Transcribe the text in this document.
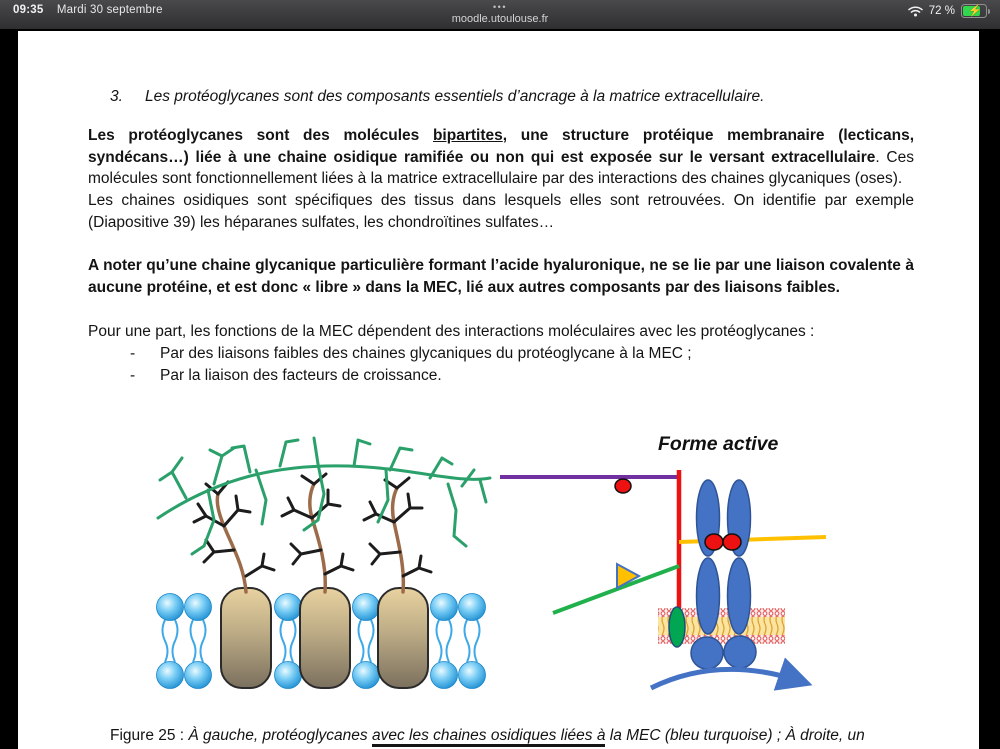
09:35 Mardi 30 septembre	•••
moodle.utoulouse.fr
72 % ⚡
3. Les protéoglycanes sont des composants essentiels d’ancrage à la matrice extracellulaire.
Les protéoglycanes sont des molécules bipartites, une structure protéique membranaire (lecticans, syndécans…) liée à une chaine osidique ramifiée ou non qui est exposée sur le versant extracellulaire. Ces molécules sont fonctionnellement liées à la matrice extracellulaire par des interactions des chaines glycaniques (oses).
Les chaines osidiques sont spécifiques des tissus dans lesquels elles sont retrouvées. On identifie par exemple (Diapositive 39) les héparanes sulfates, les chondroïtines sulfates…
A noter qu’une chaine glycanique particulière formant l’acide hyaluronique, ne se lie par une liaison covalente à aucune protéine, et est donc « libre » dans la MEC, lié aux autres composants par des liaisons faibles.
Pour une part, les fonctions de la MEC dépendent des interactions moléculaires avec les protéoglycanes :
- Par des liaisons faibles des chaines glycaniques du protéoglycane à la MEC ;
- Par la liaison des facteurs de croissance.
Forme active
Figure 25 : À gauche, protéoglycanes avec les chaines osidiques liées à la MEC (bleu turquoise) ; À droite, un
